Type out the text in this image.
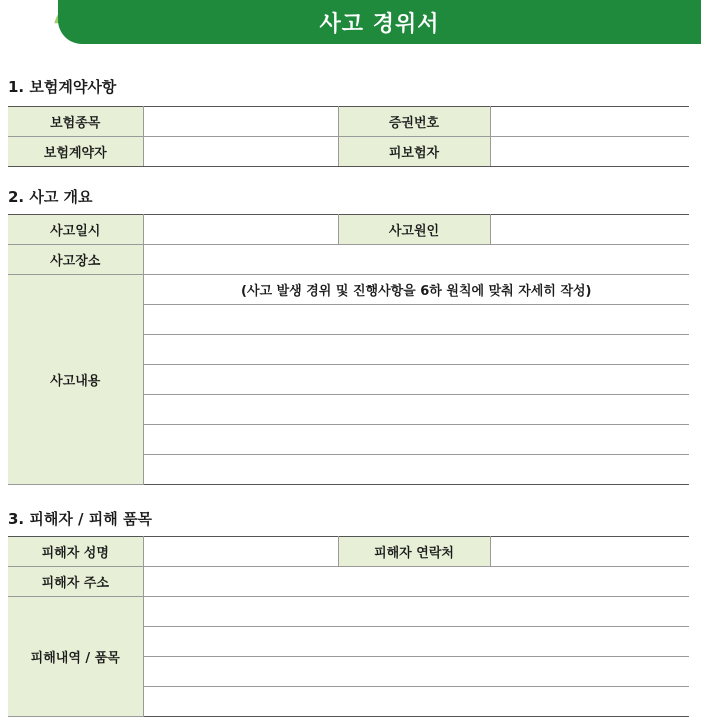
사고 경위서
1. 보험계약사항
보험종목		증권번호	
보험계약자		피보험자	
2. 사고 개요
사고일시		사고원인	
사고장소			
사고내용	(사고 발생 경위 및 진행사항을 6하 원칙에 맞춰 자세히 작성)		

3. 피해자 / 피해 품목
피해자 성명		피해자 연락처	
피해자 주소			
피해내역 / 품목			
